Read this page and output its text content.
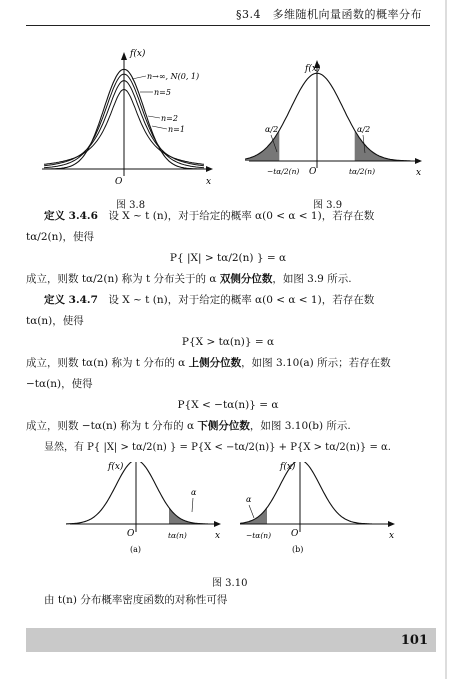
§3.4　多维随机向量函数的概率分布
f(x)
x
O
n→∞, N(0, 1)
n=5
n=2
n=1
图 3.8
f(x)
x
O
α/2	α/2
−tα/2(n)	tα/2(n)
图 3.9
定义 3.4.6　设 X ~ t (n)，对于给定的概率 α(0 < α < 1)，若存在数
tα/2(n)，使得
P{ |X| > tα/2(n) } = α
成立，则数 tα/2(n) 称为 t 分布关于的 α 双侧分位数，如图 3.9 所示.
定义 3.4.7　设 X ~ t (n)，对于给定的概率 α(0 < α < 1)，若存在数
tα(n)，使得
P{X > tα(n)} = α
成立，则数 tα(n) 称为 t 分布的 α 上侧分位数，如图 3.10(a) 所示；若存在数
−tα(n)，使得
P{X < −tα(n)} = α
成立，则数 −tα(n) 称为 t 分布的 α 下侧分位数，如图 3.10(b) 所示.
显然，有 P{ |X| > tα/2(n) } = P{X < −tα/2(n)} + P{X > tα/2(n)} = α.
f(x)
x
O
α
tα(n)
(a)
f(x)
x
O
α
−tα(n)
(b)
图 3.10
由 t(n) 分布概率密度函数的对称性可得
101
